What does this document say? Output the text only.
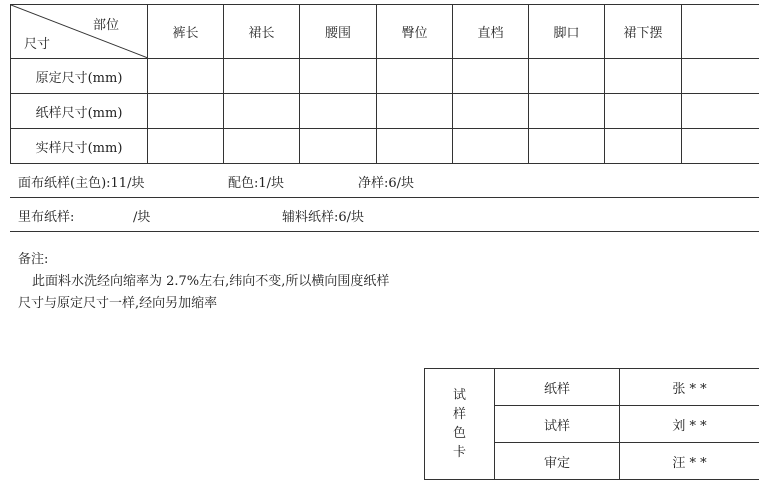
部位
尺寸	裤长	裙长	腰围	臀位	直档	脚口	裙下摆	
原定尺寸(mm)								
纸样尺寸(mm)								
实样尺寸(mm)								
面布纸样(主色):11/块	配色:1/块	净样:6/块
里布纸样:	/块	辅料纸样:6/块
备注:
此面料水洗经向缩率为 2.7%左右,纬向不变,所以横向围度纸样
尺寸与原定尺寸一样,经向另加缩率
试
样
色
卡	纸样	张 * *
	试样	刘 * *
	审定	汪 * *
